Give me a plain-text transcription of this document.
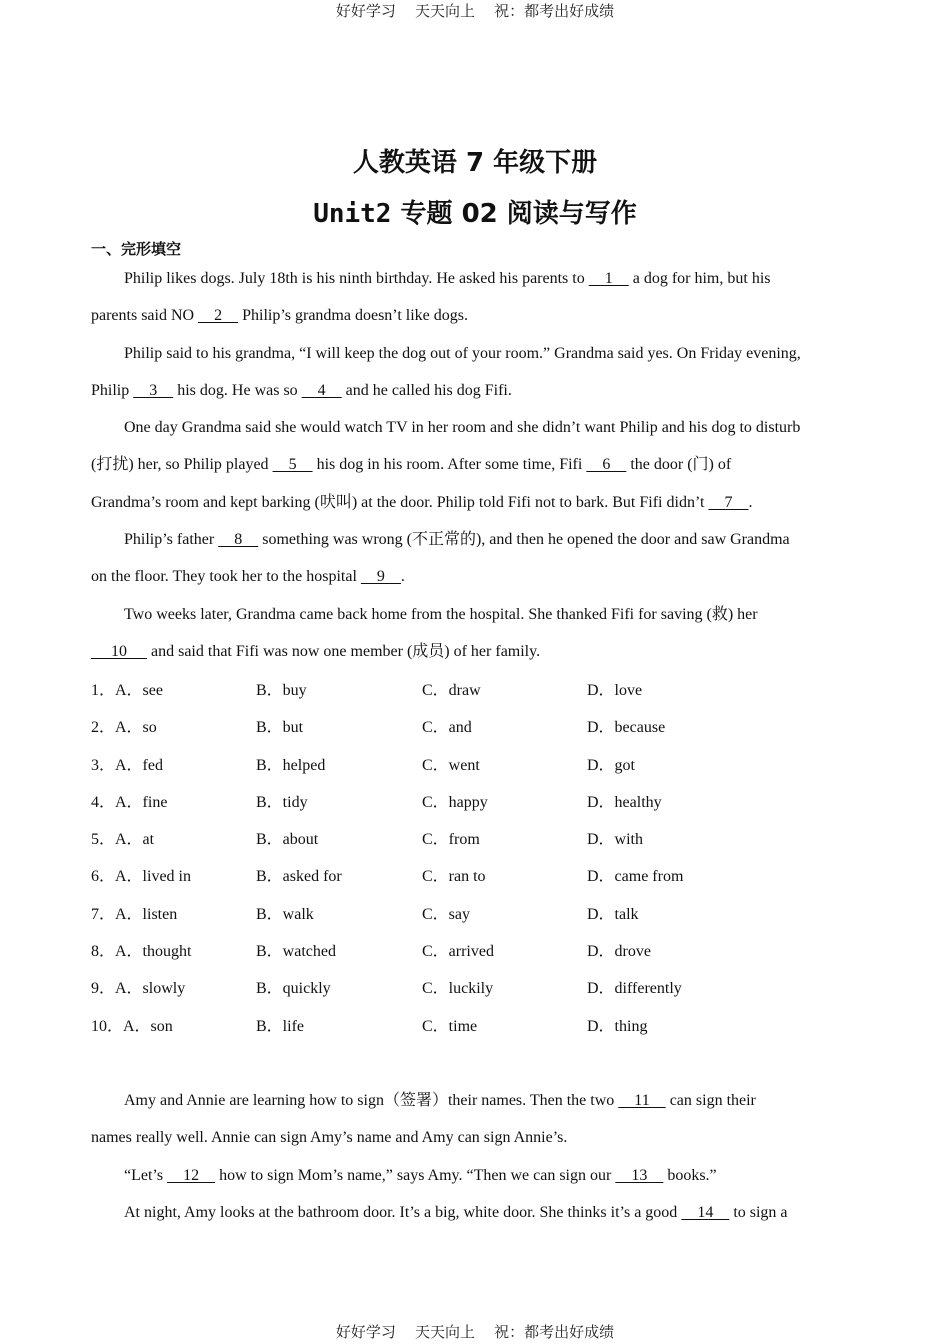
好好学习    天天向上    祝：都考出好成绩
人教英语 7 年级下册
Unit2 专题 02 阅读与写作
一、完形填空

Philip likes dogs. July 18th is his ninth birthday. He asked his parents to     1     a dog for him, but his

parents said NO     2     Philip’s grandma doesn’t like dogs.

Philip said to his grandma, “I will keep the dog out of your room.” Grandma said yes. On Friday evening,

Philip     3     his dog. He was so     4     and he called his dog Fifi.

One day Grandma said she would watch TV in her room and she didn’t want Philip and his dog to disturb

(打扰) her, so Philip played     5     his dog in his room. After some time, Fifi     6     the door (门) of

Grandma’s room and kept barking (吠叫) at the door. Philip told Fifi not to bark. But Fifi didn’t     7    .

Philip’s father     8     something was wrong (不正常的), and then he opened the door and saw Grandma

on the floor. They took her to the hospital     9    .

Two weeks later, Grandma came back home from the hospital. She thanked Fifi for saving (救) her

10      and said that Fifi was now one member (成员) of her family.

1．A．see	B．buy	C．draw	D．love
2．A．so	B．but	C．and	D．because
3．A．fed	B．helped	C．went	D．got
4．A．fine	B．tidy	C．happy	D．healthy
5．A．at	B．about	C．from	D．with
6．A．lived in	B．asked for	C．ran to	D．came from
7．A．listen	B．walk	C．say	D．talk
8．A．thought	B．watched	C．arrived	D．drove
9．A．slowly	B．quickly	C．luckily	D．differently
10．A．son	B．life	C．time	D．thing

Amy and Annie are learning how to sign（签署）their names. Then the two     11     can sign their

names really well. Annie can sign Amy’s name and Amy can sign Annie’s.

“Let’s     12     how to sign Mom’s name,” says Amy. “Then we can sign our     13     books.”

At night, Amy looks at the bathroom door. It’s a big, white door. She thinks it’s a good     14     to sign a

好好学习    天天向上    祝：都考出好成绩
